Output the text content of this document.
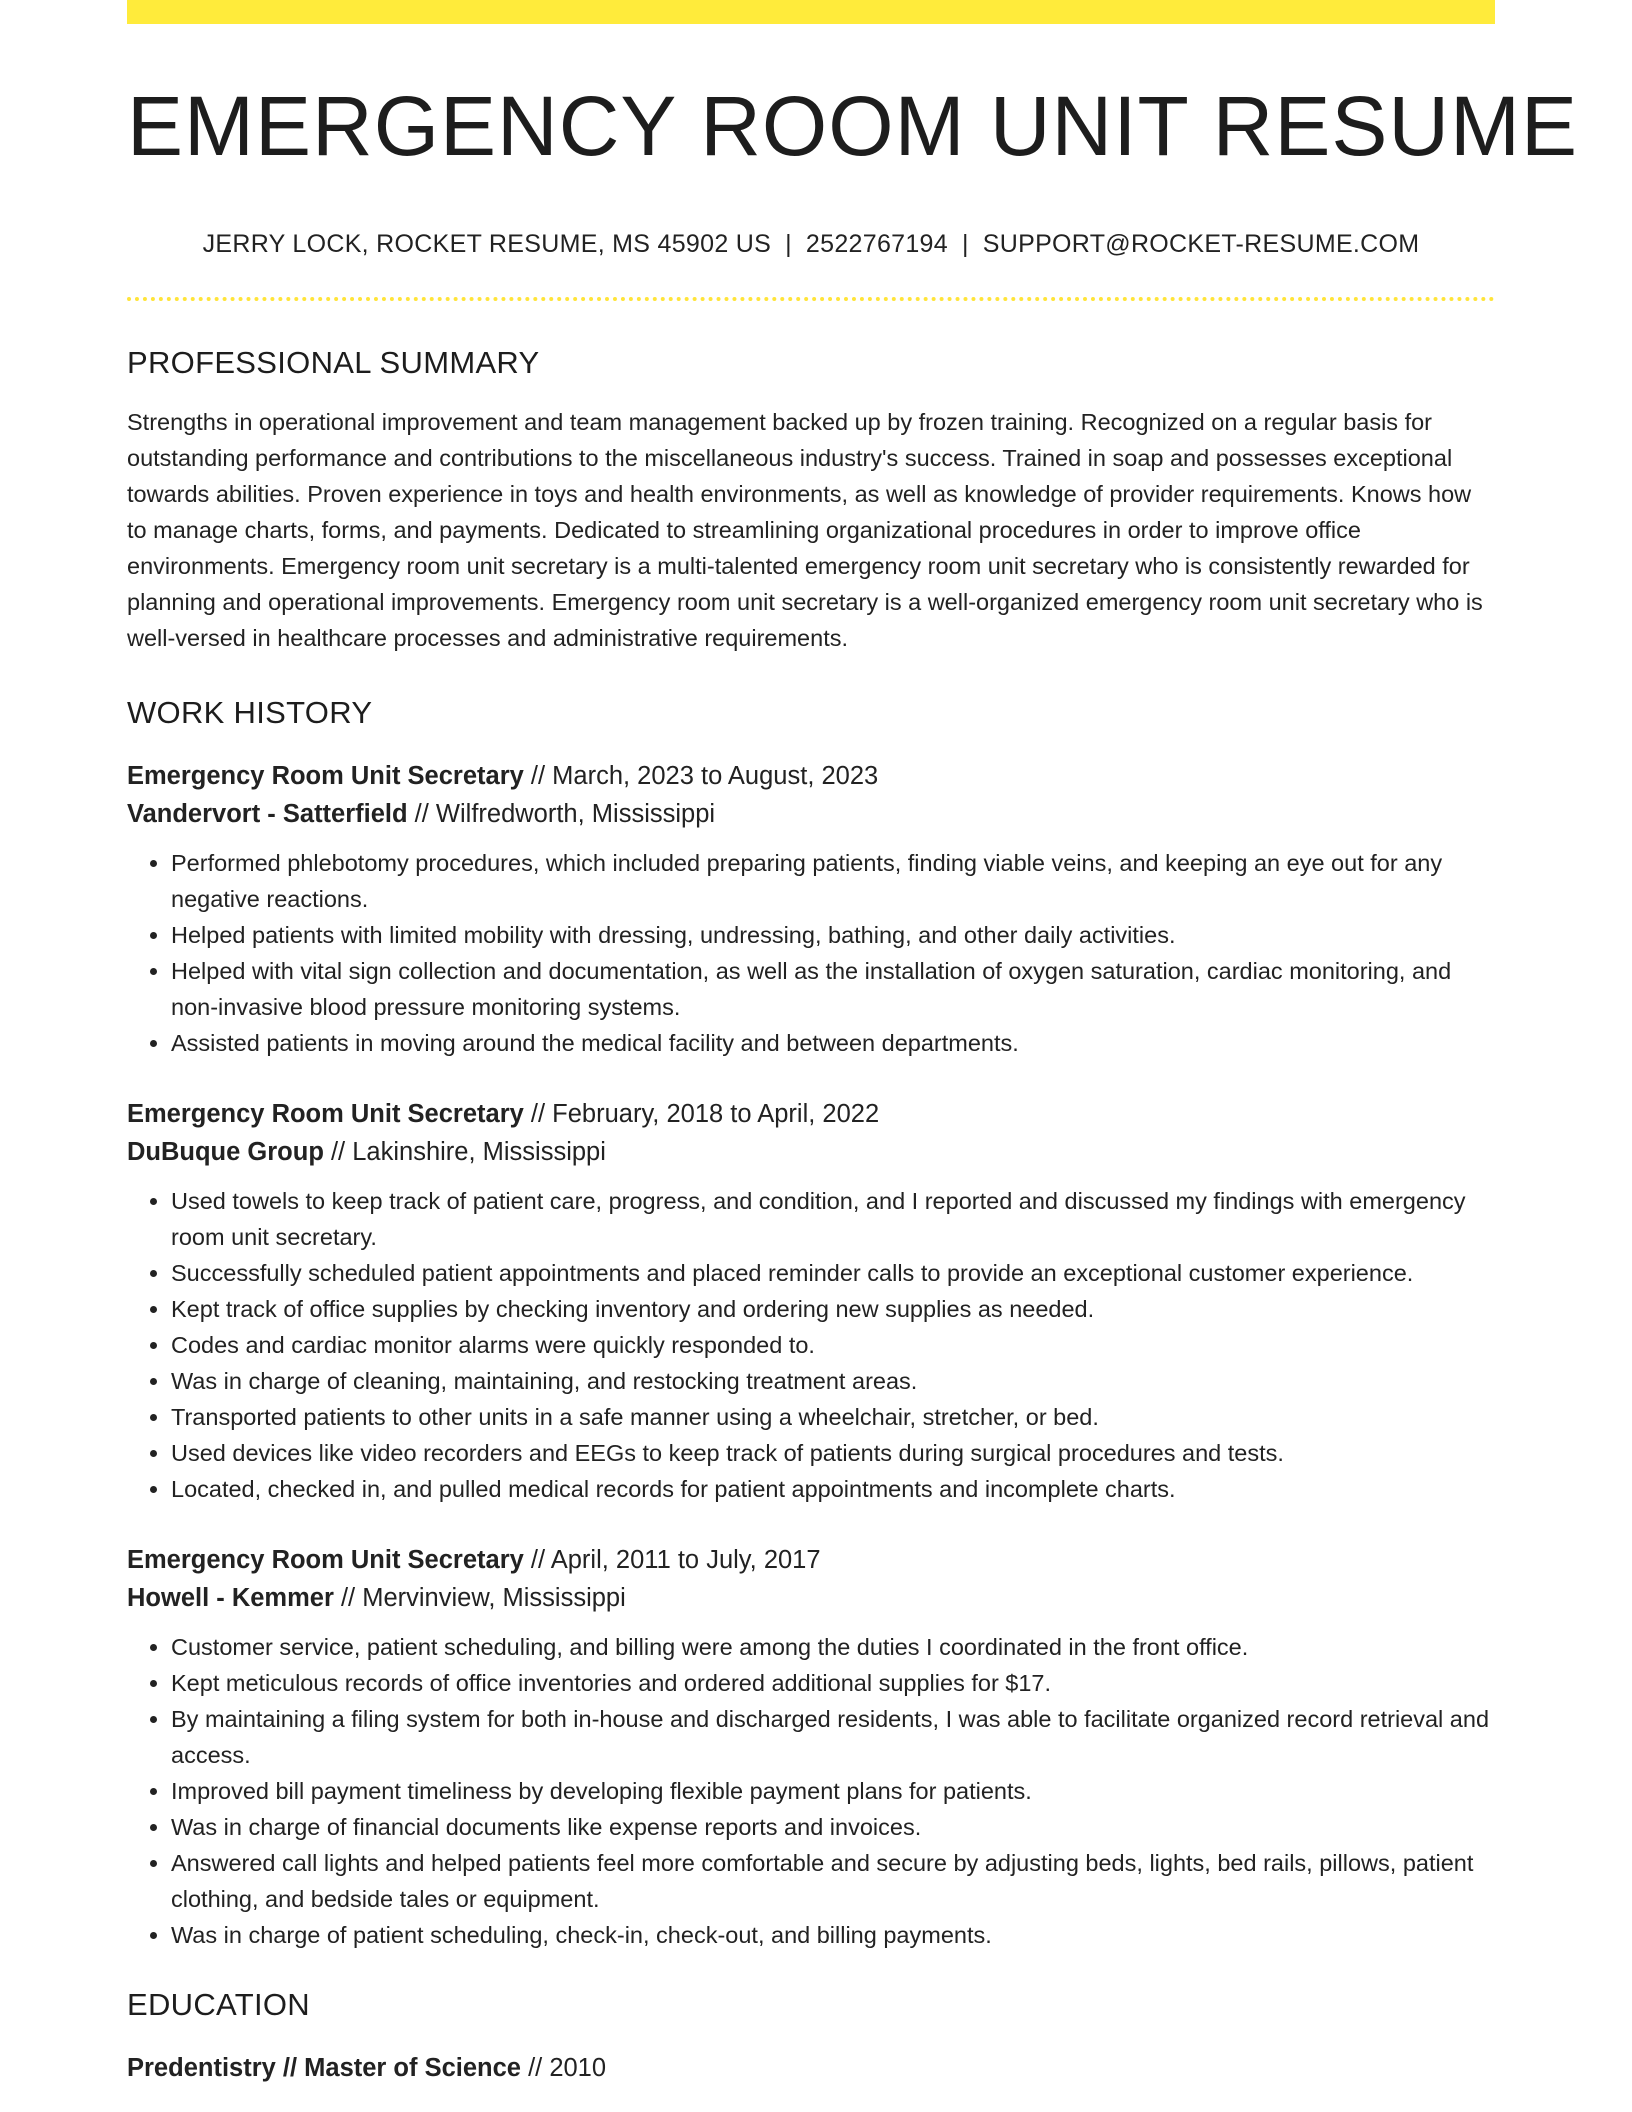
EMERGENCY ROOM UNIT RESUME
JERRY LOCK, ROCKET RESUME, MS 45902 US | 2522767194 | SUPPORT@ROCKET-RESUME.COM
PROFESSIONAL SUMMARY

Strengths in operational improvement and team management backed up by frozen training. Recognized on a regular basis for outstanding performance and contributions to the miscellaneous industry's success. Trained in soap and possesses exceptional towards abilities. Proven experience in toys and health environments, as well as knowledge of provider requirements. Knows how to manage charts, forms, and payments. Dedicated to streamlining organizational procedures in order to improve office environments. Emergency room unit secretary is a multi-talented emergency room unit secretary who is consistently rewarded for planning and operational improvements. Emergency room unit secretary is a well-organized emergency room unit secretary who is well-versed in healthcare processes and administrative requirements.

WORK HISTORY
Emergency Room Unit Secretary // March, 2023 to August, 2023
Vandervort - Satterfield // Wilfredworth, Mississippi
• Performed phlebotomy procedures, which included preparing patients, finding viable veins, and keeping an eye out for any negative reactions.
• Helped patients with limited mobility with dressing, undressing, bathing, and other daily activities.
• Helped with vital sign collection and documentation, as well as the installation of oxygen saturation, cardiac monitoring, and non-invasive blood pressure monitoring systems.
• Assisted patients in moving around the medical facility and between departments.
Emergency Room Unit Secretary // February, 2018 to April, 2022
DuBuque Group // Lakinshire, Mississippi
• Used towels to keep track of patient care, progress, and condition, and I reported and discussed my findings with emergency room unit secretary.
• Successfully scheduled patient appointments and placed reminder calls to provide an exceptional customer experience.
• Kept track of office supplies by checking inventory and ordering new supplies as needed.
• Codes and cardiac monitor alarms were quickly responded to.
• Was in charge of cleaning, maintaining, and restocking treatment areas.
• Transported patients to other units in a safe manner using a wheelchair, stretcher, or bed.
• Used devices like video recorders and EEGs to keep track of patients during surgical procedures and tests.
• Located, checked in, and pulled medical records for patient appointments and incomplete charts.
Emergency Room Unit Secretary // April, 2011 to July, 2017
Howell - Kemmer // Mervinview, Mississippi
• Customer service, patient scheduling, and billing were among the duties I coordinated in the front office.
• Kept meticulous records of office inventories and ordered additional supplies for $17.
• By maintaining a filing system for both in-house and discharged residents, I was able to facilitate organized record retrieval and access.
• Improved bill payment timeliness by developing flexible payment plans for patients.
• Was in charge of financial documents like expense reports and invoices.
• Answered call lights and helped patients feel more comfortable and secure by adjusting beds, lights, bed rails, pillows, patient clothing, and bedside tales or equipment.
• Was in charge of patient scheduling, check-in, check-out, and billing payments.
EDUCATION
Predentistry // Master of Science // 2010
